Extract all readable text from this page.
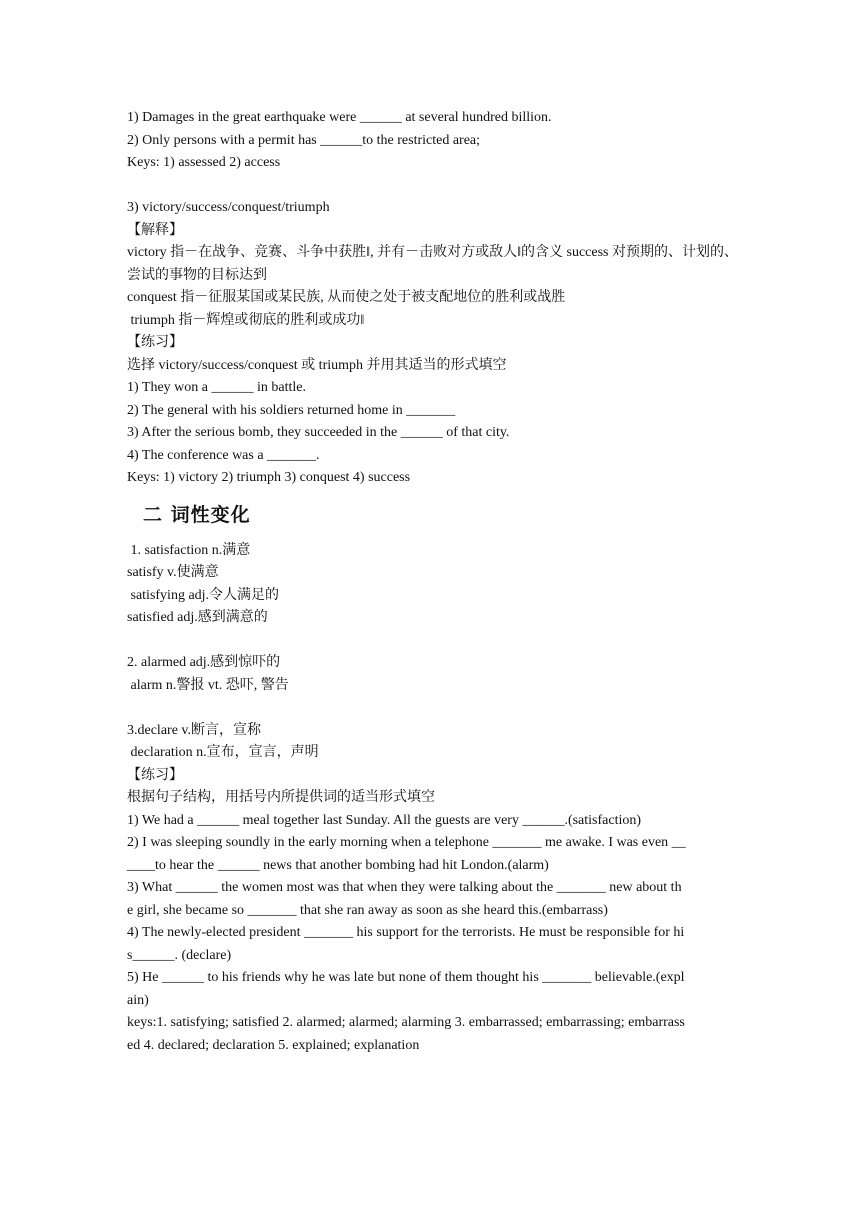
1) Damages in the great earthquake were ______ at several hundred billion.
2) Only persons with a permit has ______to the restricted area;
Keys: 1) assessed 2) access
3) victory/success/conquest/triumph
【解释】
victory 指－在战争、竞赛、斗争中获胜‖, 并有－击败对方或敌人‖的含义 success 对预期的、计划的、尝试的事物的目标达到
conquest 指－征服某国或某民族, 从而使之处于被支配地位的胜利或战胜
triumph 指－辉煌或彻底的胜利或成功‖
【练习】
选择 victory/success/conquest 或 triumph 并用其适当的形式填空
1) They won a ______ in battle.
2) The general with his soldiers returned home in _______
3) After the serious bomb, they succeeded in the ______ of that city.
4) The conference was a _______.
Keys: 1) victory 2) triumph 3) conquest 4) success
二 词性变化
1. satisfaction n.满意
satisfy v.使满意
satisfying adj.令人满足的
satisfied adj.感到满意的
2. alarmed adj.感到惊吓的
alarm n.警报 vt. 恐吓, 警告
3.declare v.断言，宣称
declaration n.宣布，宣言，声明
【练习】
根据句子结构，用括号内所提供词的适当形式填空
1) We had a ______ meal together last Sunday. All the guests are very ______.(satisfaction)
2) I was sleeping soundly in the early morning when a telephone _______ me awake. I was even __
____to hear the ______ news that another bombing had hit London.(alarm)
3) What ______ the women most was that when they were talking about the _______ new about th
e girl, she became so _______ that she ran away as soon as she heard this.(embarrass)
4) The newly-elected president _______ his support for the terrorists. He must be responsible for hi
s______. (declare)
5) He ______ to his friends why he was late but none of them thought his _______ believable.(expl
ain)
keys:1. satisfying; satisfied 2. alarmed; alarmed; alarming 3. embarrassed; embarrassing; embarrass
ed 4. declared; declaration 5. explained; explanation
